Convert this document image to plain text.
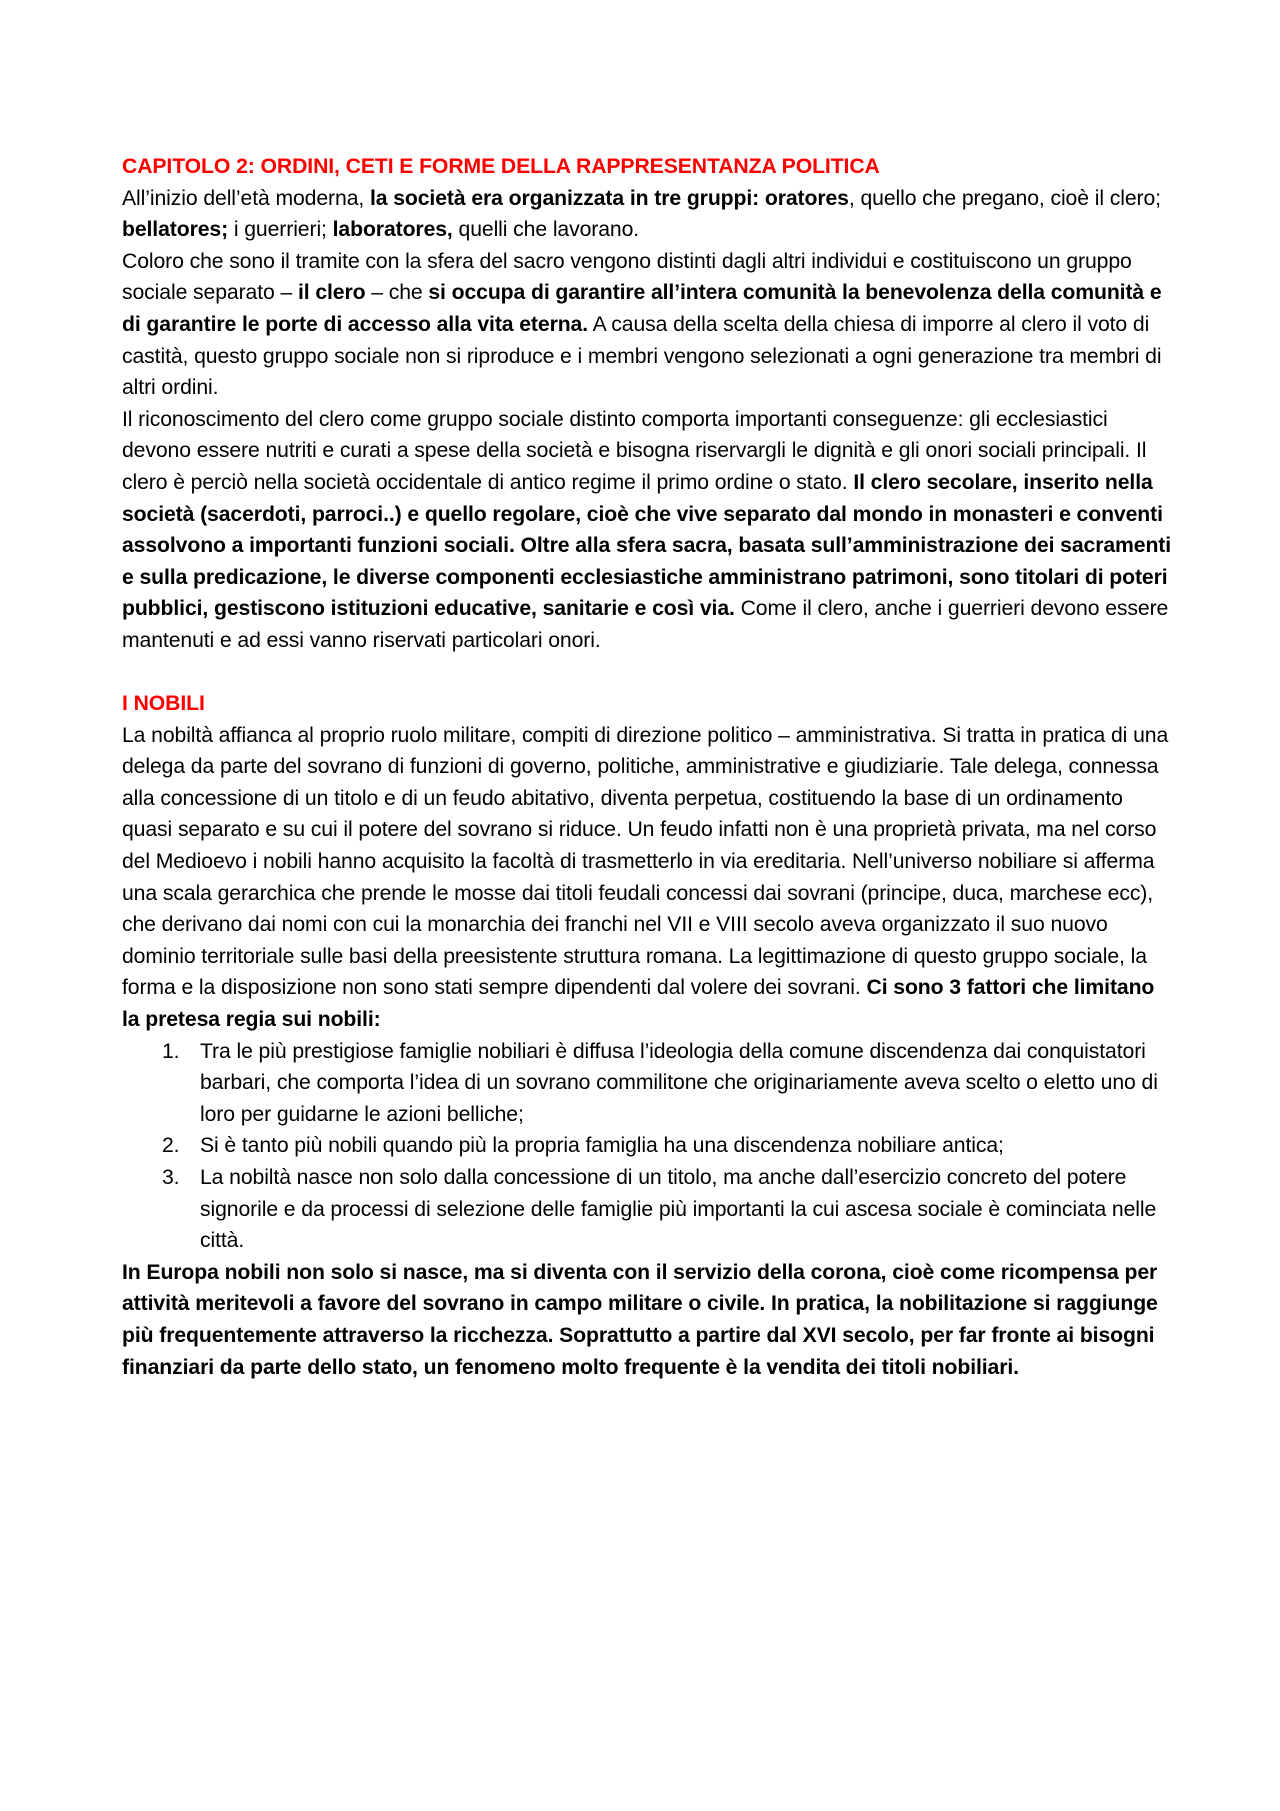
CAPITOLO 2: ORDINI, CETI E FORME DELLA RAPPRESENTANZA POLITICA

All’inizio dell’età moderna, la società era organizzata in tre gruppi: oratores, quello che pregano, cioè il clero; bellatores; i guerrieri; laboratores, quelli che lavorano.

Coloro che sono il tramite con la sfera del sacro vengono distinti dagli altri individui e costituiscono un gruppo sociale separato – il clero – che si occupa di garantire all’intera comunità la benevolenza della comunità e di garantire le porte di accesso alla vita eterna. A causa della scelta della chiesa di imporre al clero il voto di castità, questo gruppo sociale non si riproduce e i membri vengono selezionati a ogni generazione tra membri di altri ordini.

Il riconoscimento del clero come gruppo sociale distinto comporta importanti conseguenze: gli ecclesiastici devono essere nutriti e curati a spese della società e bisogna riservargli le dignità e gli onori sociali principali. Il clero è perciò nella società occidentale di antico regime il primo ordine o stato. Il clero secolare, inserito nella società (sacerdoti, parroci..) e quello regolare, cioè che vive separato dal mondo in monasteri e conventi assolvono a importanti funzioni sociali. Oltre alla sfera sacra, basata sull’amministrazione dei sacramenti e sulla predicazione, le diverse componenti ecclesiastiche amministrano patrimoni, sono titolari di poteri pubblici, gestiscono istituzioni educative, sanitarie e così via. Come il clero, anche i guerrieri devono essere mantenuti e ad essi vanno riservati particolari onori.

I NOBILI

La nobiltà affianca al proprio ruolo militare, compiti di direzione politico – amministrativa. Si tratta in pratica di una delega da parte del sovrano di funzioni di governo, politiche, amministrative e giudiziarie. Tale delega, connessa alla concessione di un titolo e di un feudo abitativo, diventa perpetua, costituendo la base di un ordinamento quasi separato e su cui il potere del sovrano si riduce. Un feudo infatti non è una proprietà privata, ma nel corso del Medioevo i nobili hanno acquisito la facoltà di trasmetterlo in via ereditaria. Nell’universo nobiliare si afferma una scala gerarchica che prende le mosse dai titoli feudali concessi dai sovrani (principe, duca, marchese ecc), che derivano dai nomi con cui la monarchia dei franchi nel VII e VIII secolo aveva organizzato il suo nuovo dominio territoriale sulle basi della preesistente struttura romana. La legittimazione di questo gruppo sociale, la forma e la disposizione non sono stati sempre dipendenti dal volere dei sovrani. Ci sono 3 fattori che limitano la pretesa regia sui nobili:

1. Tra le più prestigiose famiglie nobiliari è diffusa l’ideologia della comune discendenza dai conquistatori barbari, che comporta l’idea di un sovrano commilitone che originariamente aveva scelto o eletto uno di loro per guidarne le azioni belliche;
2. Si è tanto più nobili quando più la propria famiglia ha una discendenza nobiliare antica;
3. La nobiltà nasce non solo dalla concessione di un titolo, ma anche dall’esercizio concreto del potere signorile e da processi di selezione delle famiglie più importanti la cui ascesa sociale è cominciata nelle città.

In Europa nobili non solo si nasce, ma si diventa con il servizio della corona, cioè come ricompensa per attività meritevoli a favore del sovrano in campo militare o civile. In pratica, la nobilitazione si raggiunge più frequentemente attraverso la ricchezza. Soprattutto a partire dal XVI secolo, per far fronte ai bisogni finanziari da parte dello stato, un fenomeno molto frequente è la vendita dei titoli nobiliari.
